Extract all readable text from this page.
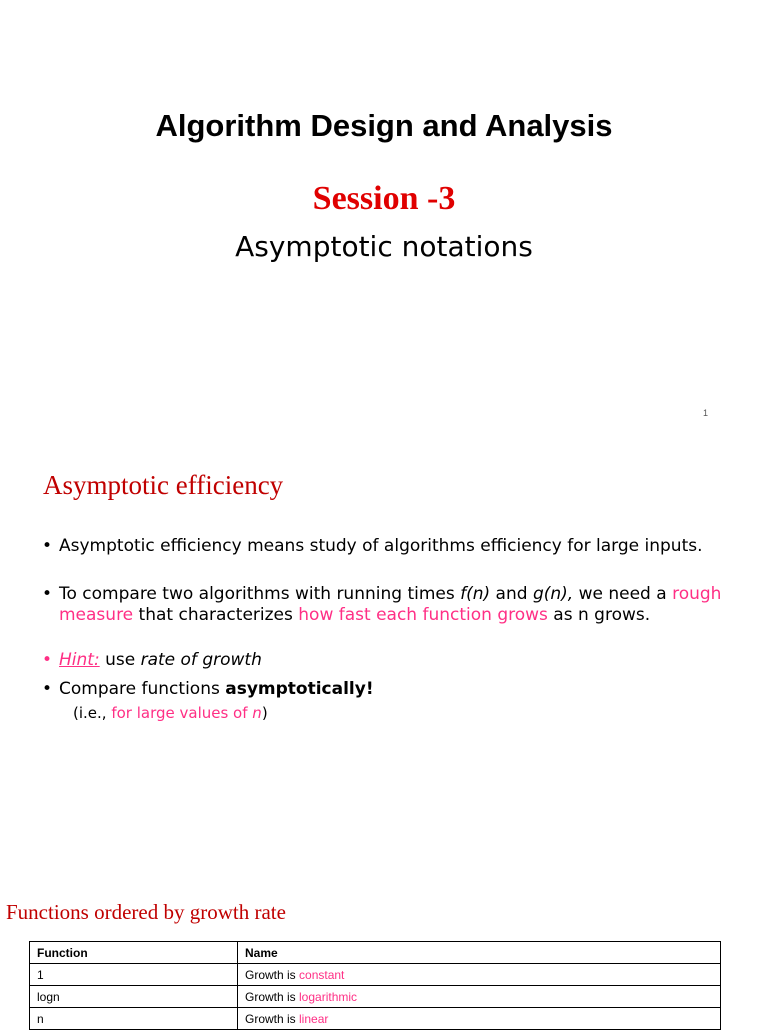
Algorithm Design and Analysis
Session -3
Asymptotic notations
1
Asymptotic efficiency
• Asymptotic efficiency means study of algorithms efficiency for large inputs.
• To compare two algorithms with running times f(n) and g(n), we need a rough measure that characterizes how fast each function grows as n grows.
• Hint: use rate of growth
• Compare functions asymptotically!
(i.e., for large values of n)
Functions ordered by growth rate
Function	Name
1	Growth is constant
logn	Growth is logarithmic
n	Growth is linear
